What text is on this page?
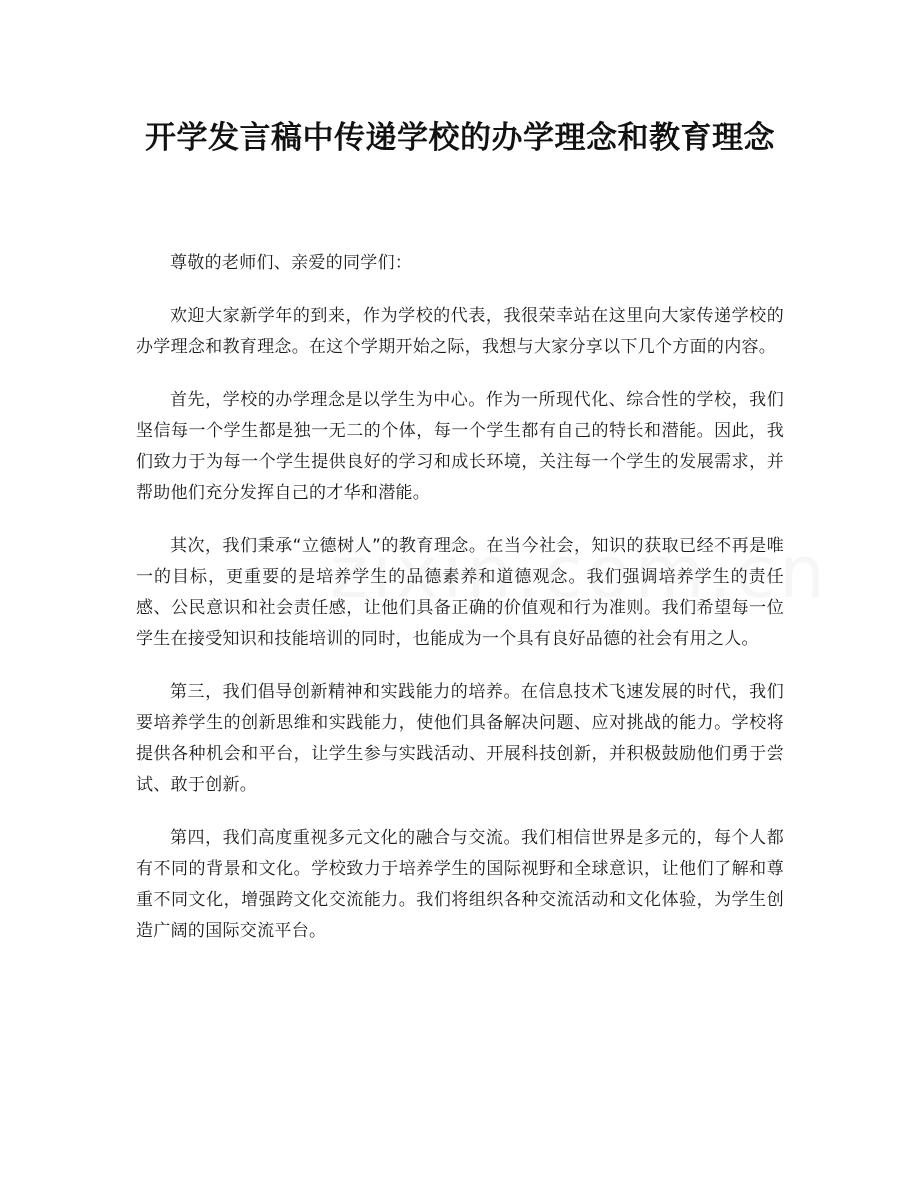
开学发言稿中传递学校的办学理念和教育理念

尊敬的老师们、亲爱的同学们：

欢迎大家新学年的到来，作为学校的代表，我很荣幸站在这里向大家传递学校的办学理念和教育理念。在这个学期开始之际，我想与大家分享以下几个方面的内容。

首先，学校的办学理念是以学生为中心。作为一所现代化、综合性的学校，我们坚信每一个学生都是独一无二的个体，每一个学生都有自己的特长和潜能。因此，我们致力于为每一个学生提供良好的学习和成长环境，关注每一个学生的发展需求，并帮助他们充分发挥自己的才华和潜能。

其次，我们秉承“立德树人”的教育理念。在当今社会，知识的获取已经不再是唯一的目标，更重要的是培养学生的品德素养和道德观念。我们强调培养学生的责任感、公民意识和社会责任感，让他们具备正确的价值观和行为准则。我们希望每一位学生在接受知识和技能培训的同时，也能成为一个具有良好品德的社会有用之人。

第三，我们倡导创新精神和实践能力的培养。在信息技术飞速发展的时代，我们要培养学生的创新思维和实践能力，使他们具备解决问题、应对挑战的能力。学校将提供各种机会和平台，让学生参与实践活动、开展科技创新，并积极鼓励他们勇于尝试、敢于创新。

第四，我们高度重视多元文化的融合与交流。我们相信世界是多元的，每个人都有不同的背景和文化。学校致力于培养学生的国际视野和全球意识，让他们了解和尊重不同文化，增强跨文化交流能力。我们将组织各种交流活动和文化体验，为学生创造广阔的国际交流平台。
